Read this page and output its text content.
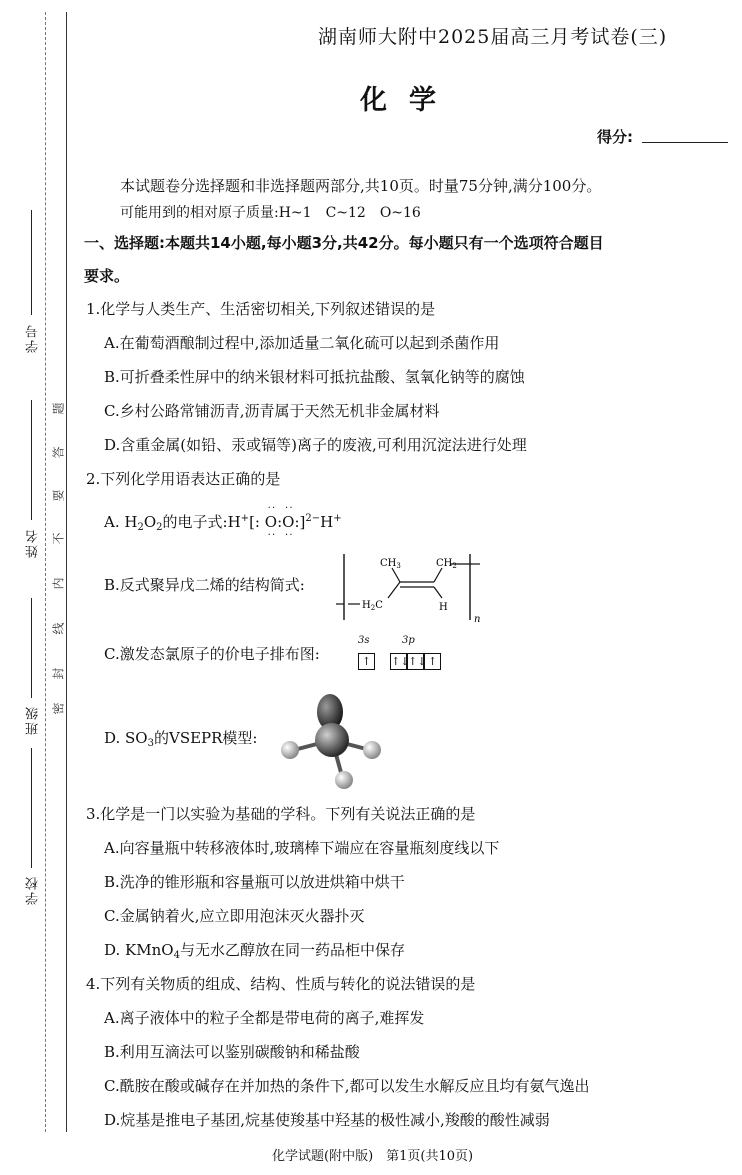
学号
姓名
班级
学校
密
封
线
内
不
要
答
题
湖南师大附中2025届高三月考试卷(三)
化学
得分:
本试题卷分选择题和非选择题两部分,共10页。时量75分钟,满分100分。
可能用到的相对原子质量:H~1　C~12　O~16
一、选择题:本题共14小题,每小题3分,共42分。每小题只有一个选项符合题目
要求。
1.化学与人类生产、生活密切相关,下列叙述错误的是
A.在葡萄酒酿制过程中,添加适量二氧化硫可以起到杀菌作用
B.可折叠柔性屏中的纳米银材料可抵抗盐酸、氢氧化钠等的腐蚀
C.乡村公路常铺沥青,沥青属于天然无机非金属材料
D.含重金属(如铅、汞或镉等)离子的废液,可利用沉淀法进行处理
2.下列化学用语表达正确的是
A. $H_2O_2$的电子式:H+[: · · O · ·:· · O · ·:]$^{2-}$H+
B.反式聚异戊二烯的结构简式:
$CH_3$	$CH_2$
$H_2C$	H
n
C.激发态氯原子的价电子排布图:
3s	3p
↑ ↑↓↑↓↑
D. $SO_3$的VSEPR模型:
3.化学是一门以实验为基础的学科。下列有关说法正确的是
A.向容量瓶中转移液体时,玻璃棒下端应在容量瓶刻度线以下
B.洗净的锥形瓶和容量瓶可以放进烘箱中烘干
C.金属钠着火,应立即用泡沫灭火器扑灭
D. KMnO$_4$与无水乙醇放在同一药品柜中保存
4.下列有关物质的组成、结构、性质与转化的说法错误的是
A.离子液体中的粒子全都是带电荷的离子,难挥发
B.利用互滴法可以鉴别碳酸钠和稀盐酸
C.酰胺在酸或碱存在并加热的条件下,都可以发生水解反应且均有氨气逸出
D.烷基是推电子基团,烷基使羧基中羟基的极性减小,羧酸的酸性减弱
化学试题(附中版)　第1页(共10页)
